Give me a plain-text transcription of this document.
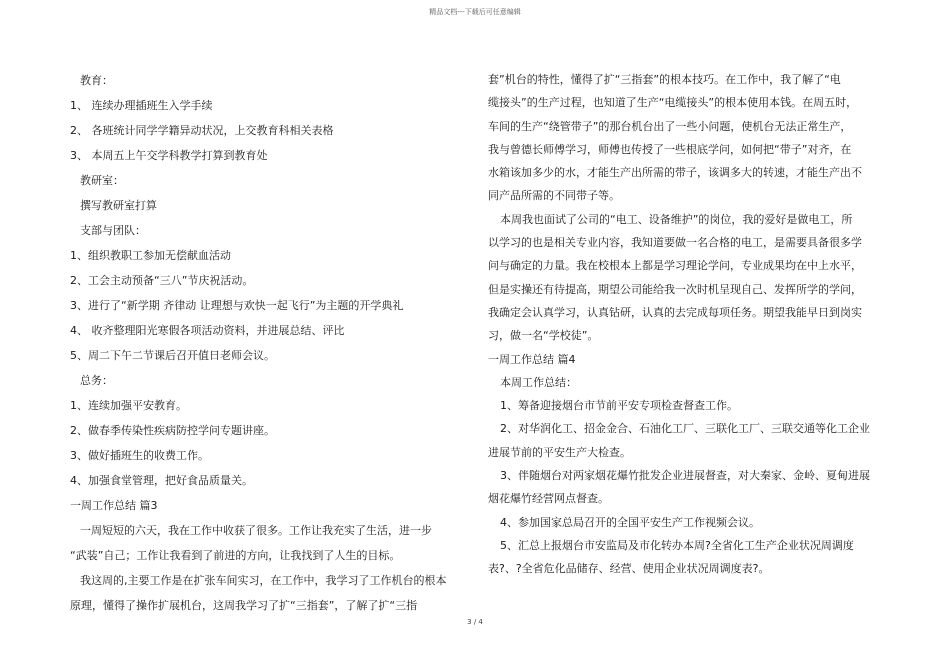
精品文档---下载后可任意编辑
教育：
1、 连续办理插班生入学手续
2、 各班统计同学学籍异动状况，上交教育科相关表格
3、 本周五上午交学科教学打算到教育处
教研室：
撰写教研室打算
支部与团队：
1、组织教职工参加无偿献血活动
2、工会主动预备“三八”节庆祝活动。
3、进行了“新学期 齐律动 让理想与欢快一起飞行”为主题的开学典礼
4、 收齐整理阳光寒假各项活动资料，并进展总结、评比
5、周二下午二节课后召开值日老师会议。
总务：
1、连续加强平安教育。
2、做春季传染性疾病防控学问专题讲座。
3、做好插班生的收费工作。
4、加强食堂管理，把好食品质量关。
一周工作总结 篇3
一周短短的六天，我在工作中收获了很多。工作让我充实了生活，进一步
“武装”自己；工作让我看到了前进的方向，让我找到了人生的目标。
我这周的,主要工作是在扩张车间实习，在工作中，我学习了工作机台的根本
原理，懂得了操作扩展机台，这周我学习了扩“三指套”，了解了扩“三指
套”机台的特性，懂得了扩“三指套”的根本技巧。在工作中，我了解了“电
缆接头”的生产过程，也知道了生产“电缆接头”的根本使用本钱。在周五时，
车间的生产“绕管带子”的那台机台出了一些小问题，使机台无法正常生产，
我与曾德长师傅学习，师傅也传授了一些根底学问，如何把“带子”对齐，在
水箱该加多少的水，才能生产出所需的带子，该调多大的转速，才能生产出不
同产品所需的不同带子等。
本周我也面试了公司的“电工、设备维护”的岗位，我的爱好是做电工，所
以学习的也是相关专业内容，我知道要做一名合格的电工，是需要具备很多学
问与确定的力量。我在校根本上都是学习理论学问，专业成果均在中上水平，
但是实操还有待提高，期望公司能给我一次时机呈现自己、发挥所学的学问，
我确定会认真学习，认真钻研，认真的去完成每项任务。期望我能早日到岗实
习，做一名“学校徒”。
一周工作总结 篇4
本周工作总结：
1、筹备迎接烟台市节前平安专项检查督查工作。
2、对华润化工、招金金合、石油化工厂、三联化工厂、三联交通等化工企业
进展节前的平安生产大检查。
3、伴随烟台对两家烟花爆竹批发企业进展督查，对大秦家、金岭、夏甸进展
烟花爆竹经营网点督查。
4、参加国家总局召开的全国平安生产工作视频会议。
5、汇总上报烟台市安监局及市化转办本周?全省化工生产企业状况周调度
表?、?全省危化品储存、经营、使用企业状况周调度表?。
3 / 4
